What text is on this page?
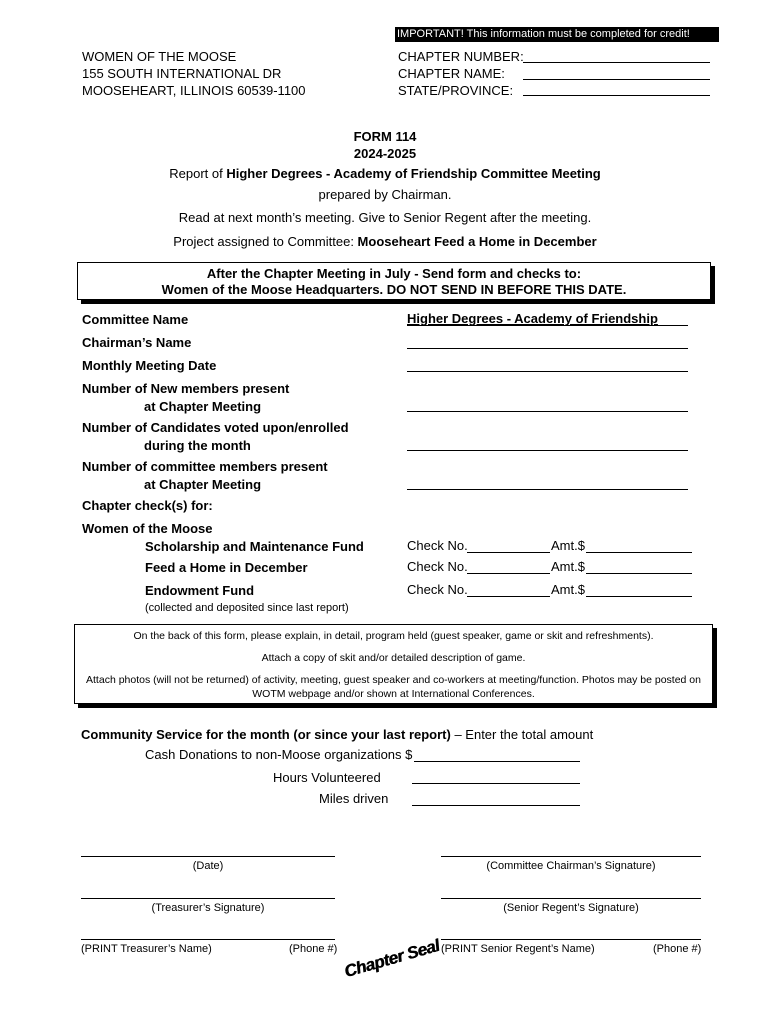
IMPORTANT! This information must be completed for credit!
WOMEN OF THE MOOSE
155 SOUTH INTERNATIONAL DR
MOOSEHEART, ILLINOIS 60539-1100
CHAPTER NUMBER:
CHAPTER NAME:
STATE/PROVINCE:
FORM 114
2024-2025
Report of Higher Degrees - Academy of Friendship Committee Meeting
prepared by Chairman.
Read at next month’s meeting. Give to Senior Regent after the meeting.
Project assigned to Committee: Mooseheart Feed a Home in December
After the Chapter Meeting in July - Send form and checks to:
Women of the Moose Headquarters. DO NOT SEND IN BEFORE THIS DATE.
Committee Name	Higher Degrees - Academy of Friendship
Chairman’s Name
Monthly Meeting Date
Number of New members present
at Chapter Meeting
Number of Candidates voted upon/enrolled
during the month
Number of committee members present
at Chapter Meeting
Chapter check(s) for:
Women of the Moose
Scholarship and Maintenance Fund	Check No.	Amt.$
Feed a Home in December	Check No.	Amt.$
Endowment Fund	Check No.	Amt.$
(collected and deposited since last report)

On the back of this form, please explain, in detail, program held (guest speaker, game or skit and refreshments).

Attach a copy of skit and/or detailed description of game.

Attach photos (will not be returned) of activity, meeting, guest speaker and co-workers at meeting/function. Photos may be posted on WOTM webpage and/or shown at International Conferences.

Community Service for the month (or since your last report) – Enter the total amount
Cash Donations to non-Moose organizations $
Hours Volunteered
Miles driven
(Date)	(Committee Chairman’s Signature)
(Treasurer’s Signature)	(Senior Regent’s Signature)
(PRINT Treasurer’s Name)	(Phone #)	(PRINT Senior Regent’s Name)	(Phone #)
Chapter Seal
